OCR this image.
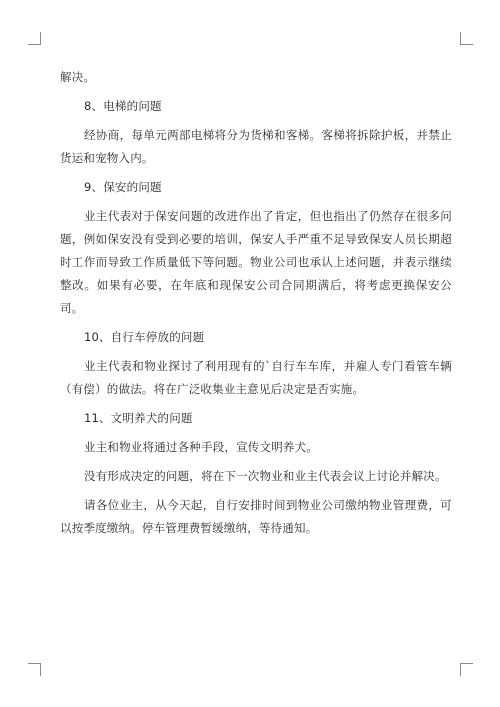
解决。

8、电梯的问题

经协商，每单元两部电梯将分为货梯和客梯。客梯将拆除护板，并禁止货运和宠物入内。

9、保安的问题

业主代表对于保安问题的改进作出了肯定，但也指出了仍然存在很多问题，例如保安没有受到必要的培训，保安人手严重不足导致保安人员长期超时工作而导致工作质量低下等问题。物业公司也承认上述问题，并表示继续整改。如果有必要，在年底和现保安公司合同期满后，将考虑更换保安公司。

10、自行车停放的问题

业主代表和物业探讨了利用现有的`自行车车库，并雇人专门看管车辆（有偿）的做法。将在广泛收集业主意见后决定是否实施。

11、文明养犬的问题

业主和物业将通过各种手段，宣传文明养犬。

没有形成决定的问题，将在下一次物业和业主代表会议上讨论并解决。

请各位业主，从今天起，自行安排时间到物业公司缴纳物业管理费，可以按季度缴纳。停车管理费暂缓缴纳，等待通知。
